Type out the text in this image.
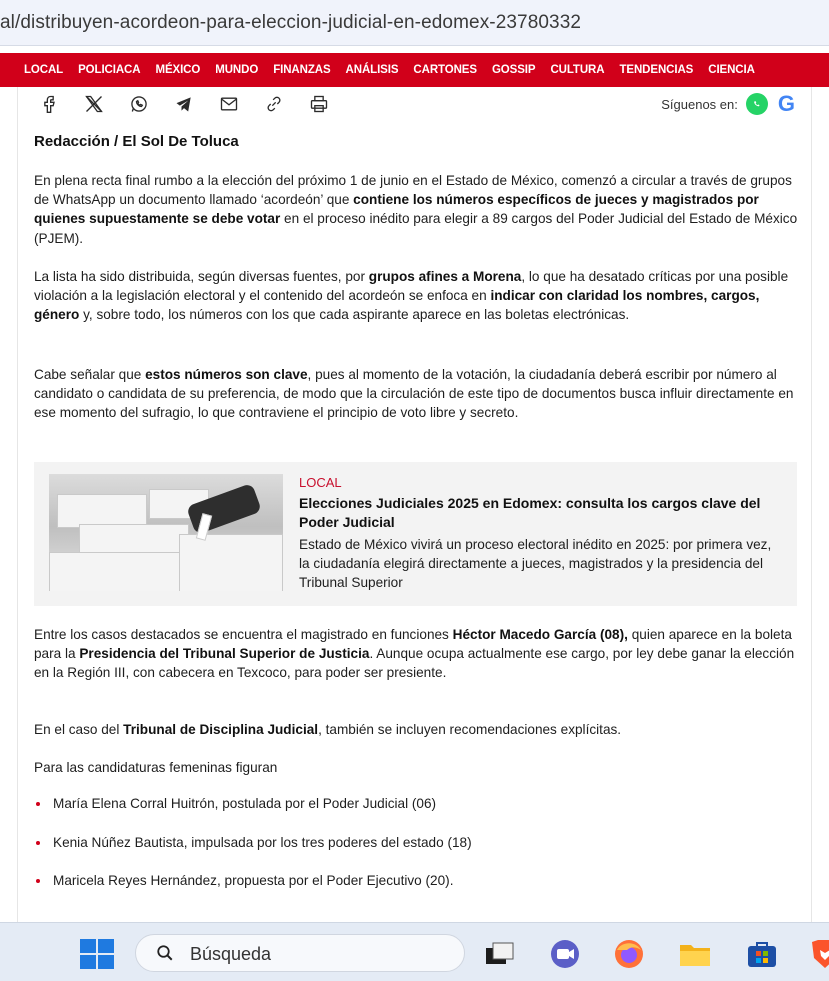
al/distribuyen-acordeon-para-eleccion-judicial-en-edomex-23780332
LOCAL POLICIACA MÉXICO MUNDO FINANZAS ANÁLISIS CARTONES GOSSIP CULTURA TENDENCIAS CIENCIA
Síguenos en: G
Redacción / El Sol De Toluca

En plena recta final rumbo a la elección del próximo 1 de junio en el Estado de México, comenzó a circular a través de grupos de WhatsApp un documento llamado ‘acordeón’ que contiene los números específicos de jueces y magistrados por quienes supuestamente se debe votar en el proceso inédito para elegir a 89 cargos del Poder Judicial del Estado de México (PJEM).

La lista ha sido distribuida, según diversas fuentes, por grupos afines a Morena, lo que ha desatado críticas por una posible violación a la legislación electoral y el contenido del acordeón se enfoca en indicar con claridad los nombres, cargos, género y, sobre todo, los números con los que cada aspirante aparece en las boletas electrónicas.

Cabe señalar que estos números son clave, pues al momento de la votación, la ciudadanía deberá escribir por número al candidato o candidata de su preferencia, de modo que la circulación de este tipo de documentos busca influir directamente en ese momento del sufragio, lo que contraviene el principio de voto libre y secreto.

LOCAL
Elecciones Judiciales 2025 en Edomex: consulta los cargos clave del Poder Judicial
Estado de México vivirá un proceso electoral inédito en 2025: por primera vez, la ciudadanía elegirá directamente a jueces, magistrados y la presidencia del Tribunal Superior

Entre los casos destacados se encuentra el magistrado en funciones Héctor Macedo García (08), quien aparece en la boleta para la Presidencia del Tribunal Superior de Justicia. Aunque ocupa actualmente ese cargo, por ley debe ganar la elección en la Región III, con cabecera en Texcoco, para poder ser presiente.

En el caso del Tribunal de Disciplina Judicial, también se incluyen recomendaciones explícitas.

Para las candidaturas femeninas figuran

María Elena Corral Huitrón, postulada por el Poder Judicial (06)
Kenia Núñez Bautista, impulsada por los tres poderes del estado (18)
Maricela Reyes Hernández, propuesta por el Poder Ejecutivo (20).
Búsqueda
